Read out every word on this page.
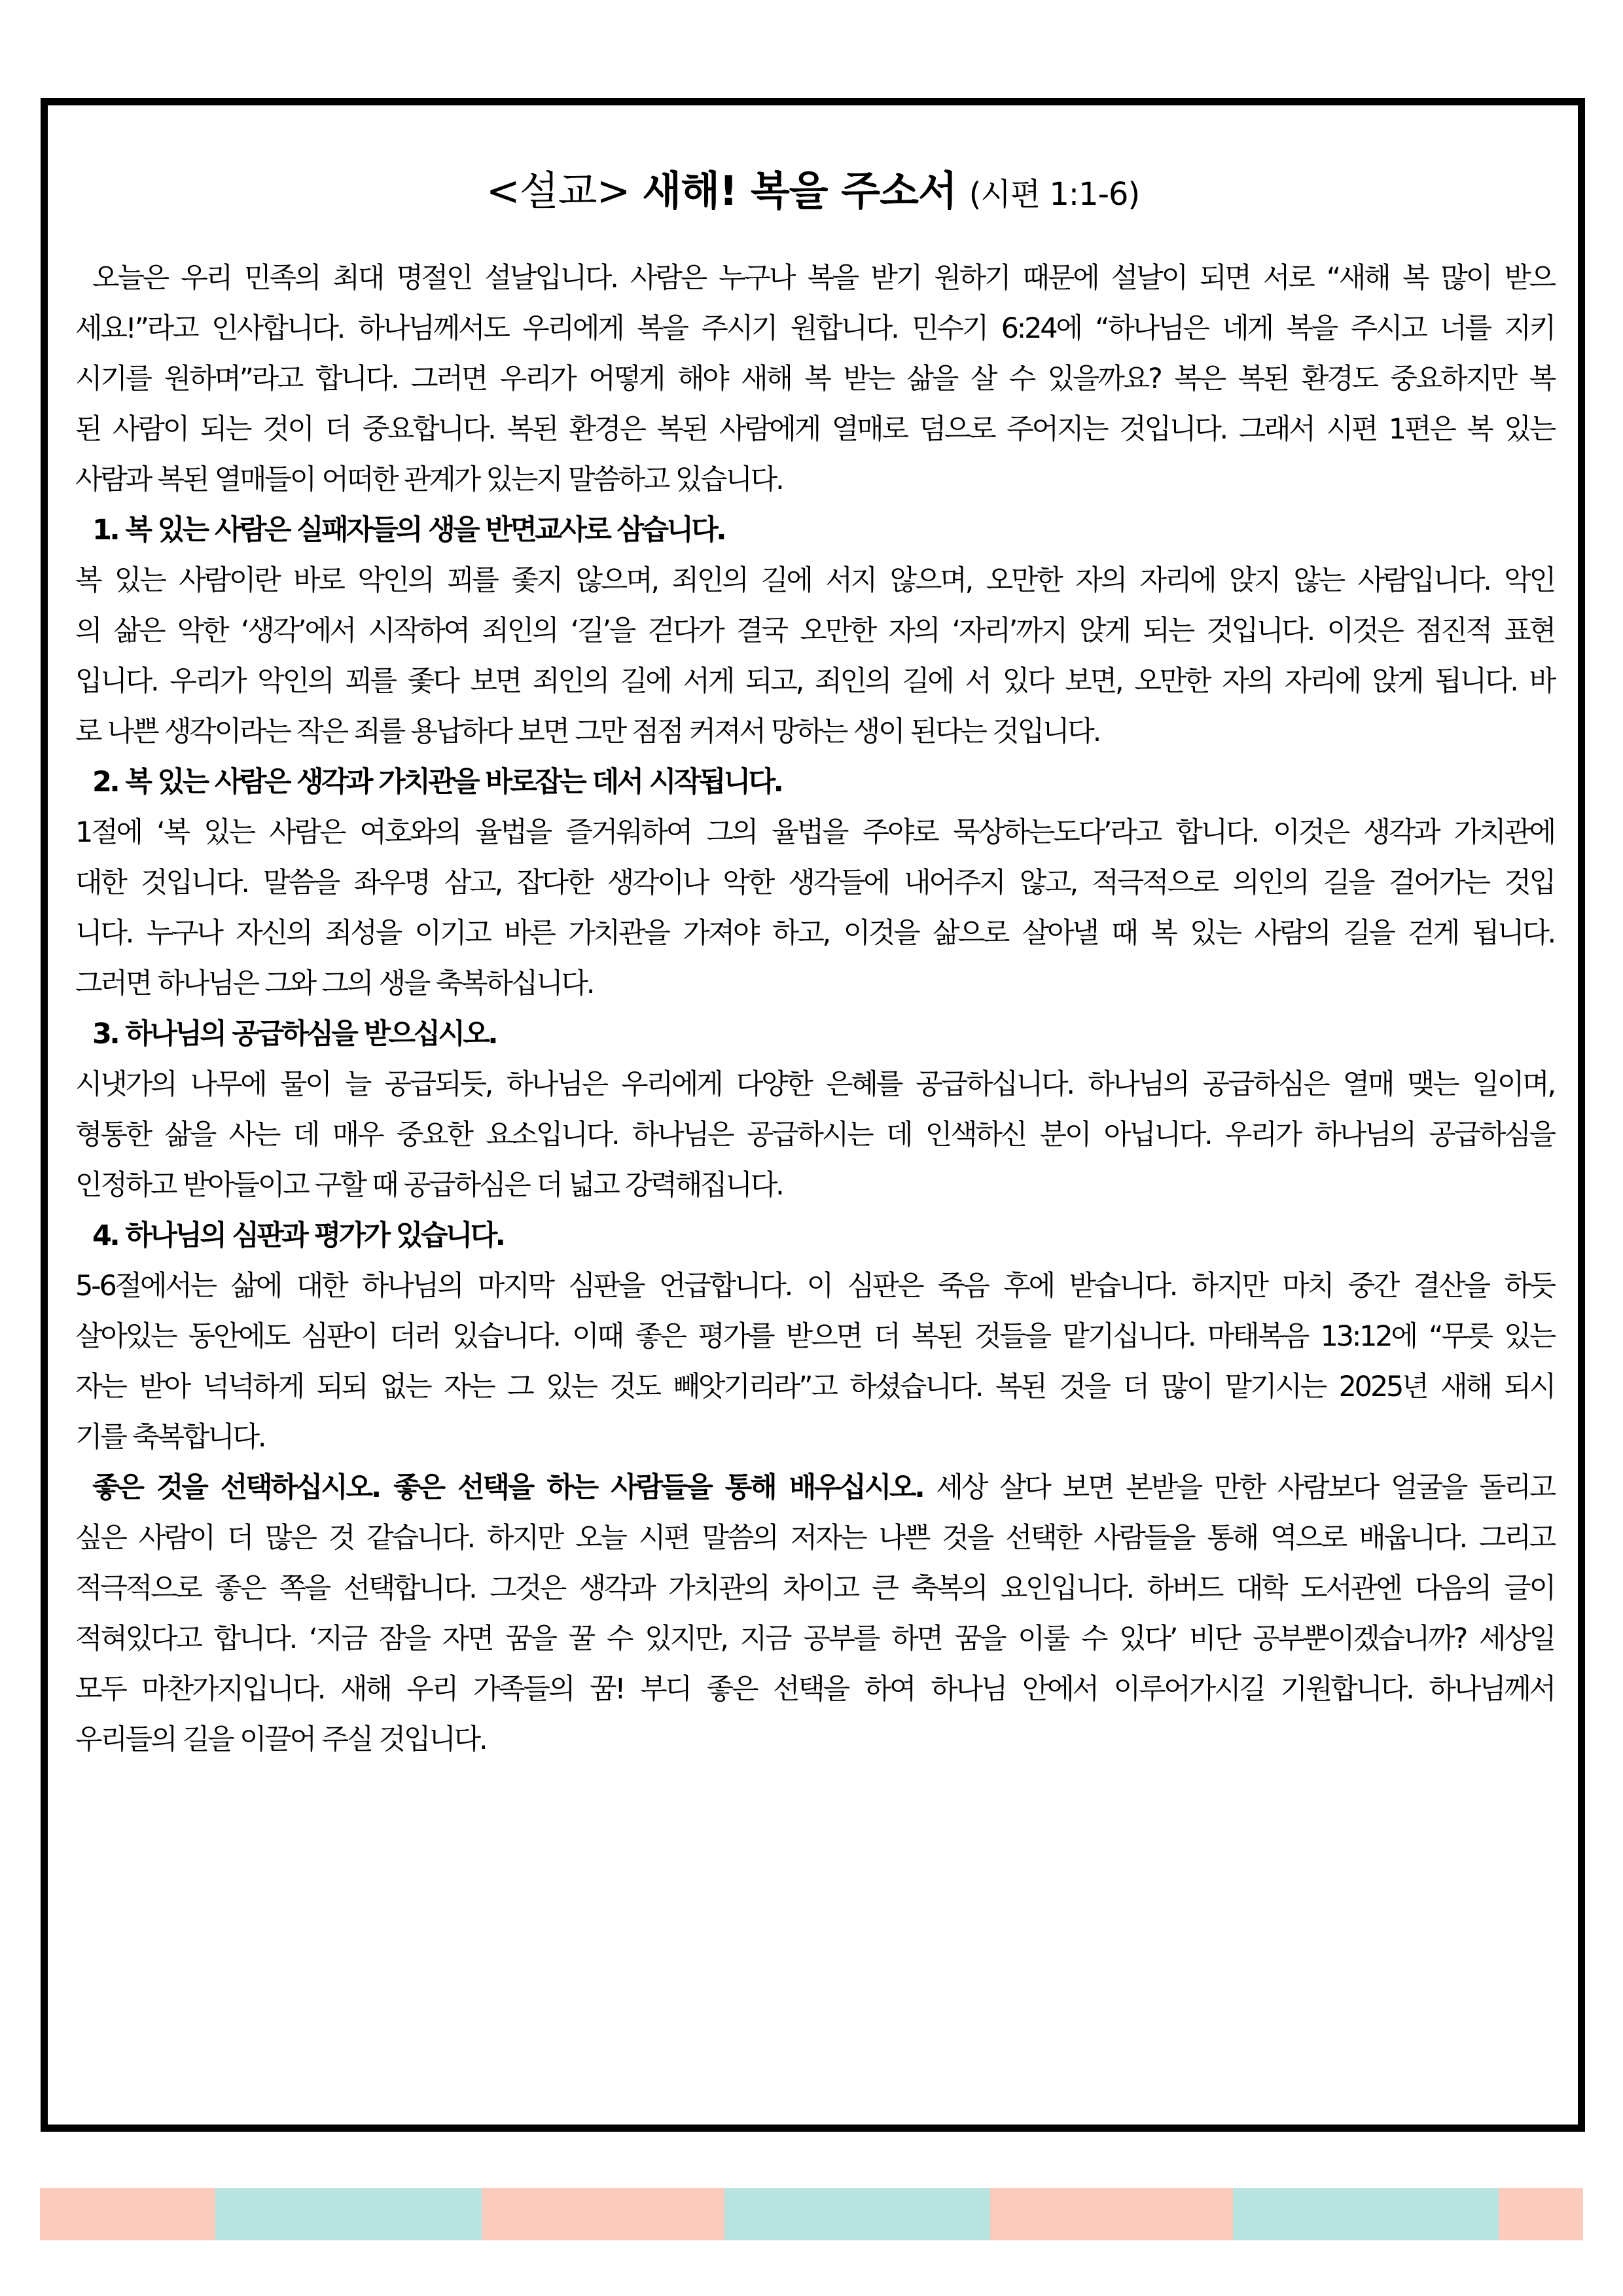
<설교> 새해! 복을 주소서 (시편 1:1-6)
오늘은 우리 민족의 최대 명절인 설날입니다. 사람은 누구나 복을 받기 원하기 때문에 설날이 되면 서로 “새해 복 많이 받으
세요!”라고 인사합니다. 하나님께서도 우리에게 복을 주시기 원합니다. 민수기 6:24에 “하나님은 네게 복을 주시고 너를 지키
시기를 원하며”라고 합니다. 그러면 우리가 어떻게 해야 새해 복 받는 삶을 살 수 있을까요? 복은 복된 환경도 중요하지만 복
된 사람이 되는 것이 더 중요합니다. 복된 환경은 복된 사람에게 열매로 덤으로 주어지는 것입니다. 그래서 시편 1편은 복 있는
사람과 복된 열매들이 어떠한 관계가 있는지 말씀하고 있습니다.
1. 복 있는 사람은 실패자들의 생을 반면교사로 삼습니다.
복 있는 사람이란 바로 악인의 꾀를 좇지 않으며, 죄인의 길에 서지 않으며, 오만한 자의 자리에 앉지 않는 사람입니다. 악인
의 삶은 악한 ‘생각’에서 시작하여 죄인의 ‘길’을 걷다가 결국 오만한 자의 ‘자리’까지 앉게 되는 것입니다. 이것은 점진적 표현
입니다. 우리가 악인의 꾀를 좇다 보면 죄인의 길에 서게 되고, 죄인의 길에 서 있다 보면, 오만한 자의 자리에 앉게 됩니다. 바
로 나쁜 생각이라는 작은 죄를 용납하다 보면 그만 점점 커져서 망하는 생이 된다는 것입니다.
2. 복 있는 사람은 생각과 가치관을 바로잡는 데서 시작됩니다.
1절에 ‘복 있는 사람은 여호와의 율법을 즐거워하여 그의 율법을 주야로 묵상하는도다’라고 합니다. 이것은 생각과 가치관에
대한 것입니다. 말씀을 좌우명 삼고, 잡다한 생각이나 악한 생각들에 내어주지 않고, 적극적으로 의인의 길을 걸어가는 것입
니다. 누구나 자신의 죄성을 이기고 바른 가치관을 가져야 하고, 이것을 삶으로 살아낼 때 복 있는 사람의 길을 걷게 됩니다.
그러면 하나님은 그와 그의 생을 축복하십니다.
3. 하나님의 공급하심을 받으십시오.
시냇가의 나무에 물이 늘 공급되듯, 하나님은 우리에게 다양한 은혜를 공급하십니다. 하나님의 공급하심은 열매 맺는 일이며,
형통한 삶을 사는 데 매우 중요한 요소입니다. 하나님은 공급하시는 데 인색하신 분이 아닙니다. 우리가 하나님의 공급하심을
인정하고 받아들이고 구할 때 공급하심은 더 넓고 강력해집니다.
4. 하나님의 심판과 평가가 있습니다.
5-6절에서는 삶에 대한 하나님의 마지막 심판을 언급합니다. 이 심판은 죽음 후에 받습니다. 하지만 마치 중간 결산을 하듯
살아있는 동안에도 심판이 더러 있습니다. 이때 좋은 평가를 받으면 더 복된 것들을 맡기십니다. 마태복음 13:12에 “무릇 있는
자는 받아 넉넉하게 되되 없는 자는 그 있는 것도 빼앗기리라”고 하셨습니다. 복된 것을 더 많이 맡기시는 2025년 새해 되시
기를 축복합니다.
좋은 것을 선택하십시오. 좋은 선택을 하는 사람들을 통해 배우십시오. 세상 살다 보면 본받을 만한 사람보다 얼굴을 돌리고
싶은 사람이 더 많은 것 같습니다. 하지만 오늘 시편 말씀의 저자는 나쁜 것을 선택한 사람들을 통해 역으로 배웁니다. 그리고
적극적으로 좋은 쪽을 선택합니다. 그것은 생각과 가치관의 차이고 큰 축복의 요인입니다. 하버드 대학 도서관엔 다음의 글이
적혀있다고 합니다. ‘지금 잠을 자면 꿈을 꿀 수 있지만, 지금 공부를 하면 꿈을 이룰 수 있다’ 비단 공부뿐이겠습니까? 세상일
모두 마찬가지입니다. 새해 우리 가족들의 꿈! 부디 좋은 선택을 하여 하나님 안에서 이루어가시길 기원합니다. 하나님께서
우리들의 길을 이끌어 주실 것입니다.
